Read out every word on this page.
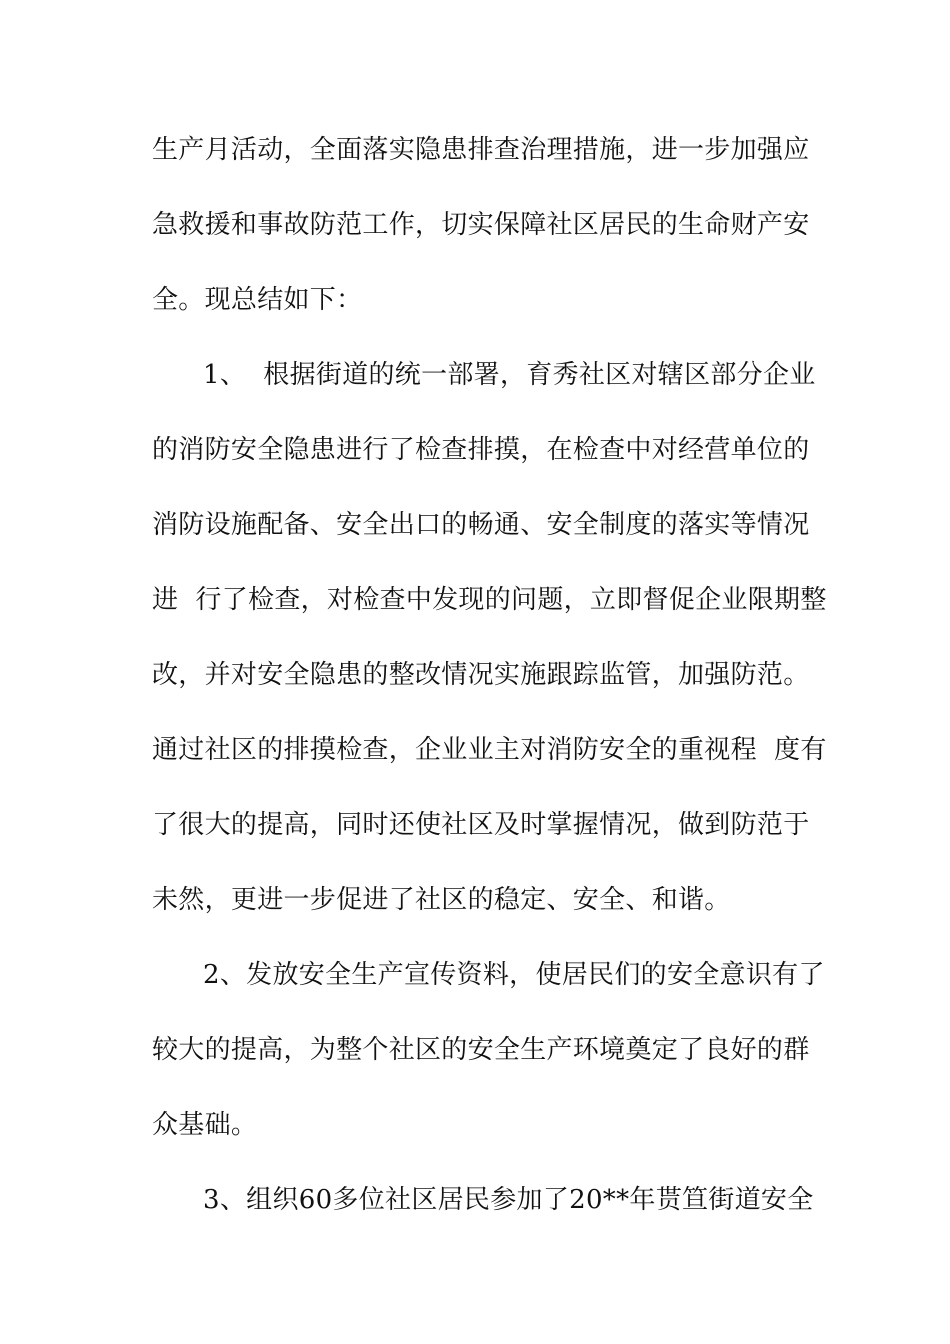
生产月活动，全面落实隐患排查治理措施，进一步加强应
急救援和事故防范工作，切实保障社区居民的生命财产安
全。现总结如下：
1、  根据街道的统一部署，育秀社区对辖区部分企业
的消防安全隐患进行了检查排摸，在检查中对经营单位的
消防设施配备、安全出口的畅通、安全制度的落实等情况
进  行了检查，对检查中发现的问题，立即督促企业限期整
改，并对安全隐患的整改情况实施跟踪监管，加强防范。
通过社区的排摸检查，企业业主对消防安全的重视程  度有
了很大的提高，同时还使社区及时掌握情况，做到防范于
未然，更进一步促进了社区的稳定、安全、和谐。
2、发放安全生产宣传资料，使居民们的安全意识有了
较大的提高，为整个社区的安全生产环境奠定了良好的群
众基础。
3、组织60多位社区居民参加了20**年贳笪街道安全
